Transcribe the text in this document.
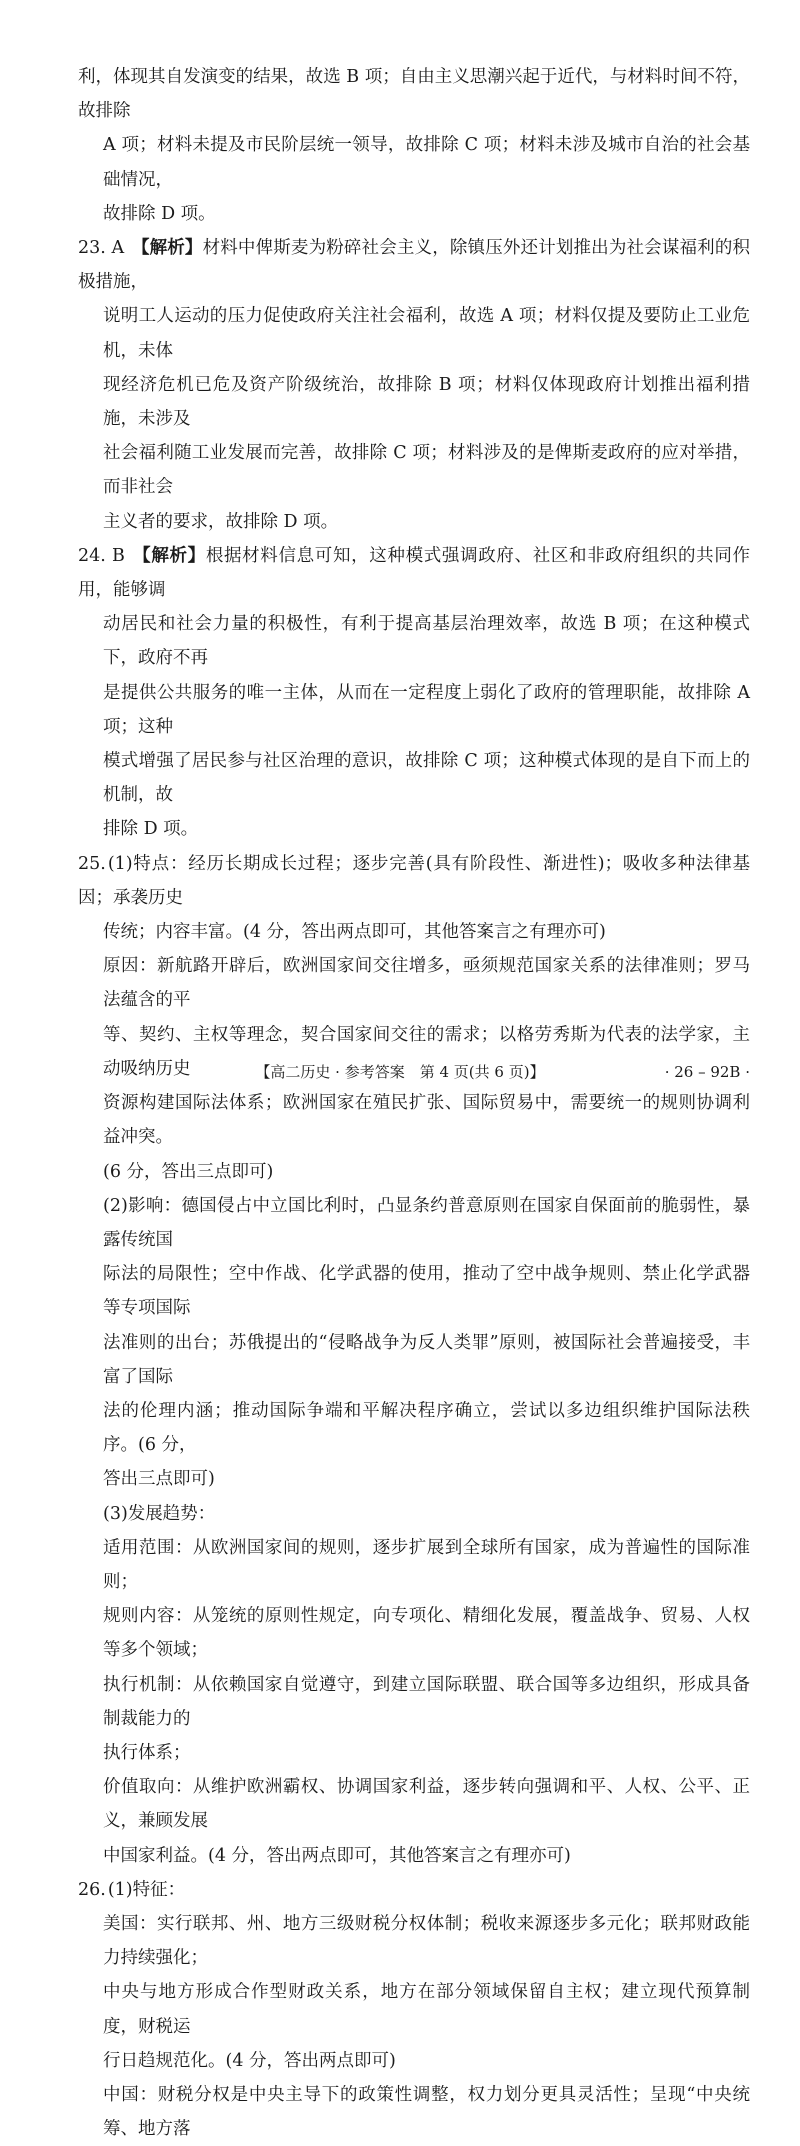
利，体现其自发演变的结果，故选 B 项；自由主义思潮兴起于近代，与材料时间不符，故排除

A 项；材料未提及市民阶层统一领导，故排除 C 项；材料未涉及城市自治的社会基础情况，

故排除 D 项。

23. A 【解析】材料中俾斯麦为粉碎社会主义，除镇压外还计划推出为社会谋福利的积极措施，

说明工人运动的压力促使政府关注社会福利，故选 A 项；材料仅提及要防止工业危机，未体

现经济危机已危及资产阶级统治，故排除 B 项；材料仅体现政府计划推出福利措施，未涉及

社会福利随工业发展而完善，故排除 C 项；材料涉及的是俾斯麦政府的应对举措，而非社会

主义者的要求，故排除 D 项。

24. B 【解析】根据材料信息可知，这种模式强调政府、社区和非政府组织的共同作用，能够调

动居民和社会力量的积极性，有利于提高基层治理效率，故选 B 项；在这种模式下，政府不再

是提供公共服务的唯一主体，从而在一定程度上弱化了政府的管理职能，故排除 A 项；这种

模式增强了居民参与社区治理的意识，故排除 C 项；这种模式体现的是自下而上的机制，故

排除 D 项。

25. (1)特点：经历长期成长过程；逐步完善(具有阶段性、渐进性)；吸收多种法律基因；承袭历史

传统；内容丰富。(4 分，答出两点即可，其他答案言之有理亦可)

原因：新航路开辟后，欧洲国家间交往增多，亟须规范国家关系的法律准则；罗马法蕴含的平

等、契约、主权等理念，契合国家间交往的需求；以格劳秀斯为代表的法学家，主动吸纳历史

资源构建国际法体系；欧洲国家在殖民扩张、国际贸易中，需要统一的规则协调利益冲突。

(6 分，答出三点即可)

(2)影响：德国侵占中立国比利时，凸显条约普意原则在国家自保面前的脆弱性，暴露传统国

际法的局限性；空中作战、化学武器的使用，推动了空中战争规则、禁止化学武器等专项国际

法准则的出台；苏俄提出的“侵略战争为反人类罪”原则，被国际社会普遍接受，丰富了国际

法的伦理内涵；推动国际争端和平解决程序确立，尝试以多边组织维护国际法秩序。(6 分，

答出三点即可)

(3)发展趋势：

适用范围：从欧洲国家间的规则，逐步扩展到全球所有国家，成为普遍性的国际准则；

规则内容：从笼统的原则性规定，向专项化、精细化发展，覆盖战争、贸易、人权等多个领域；

执行机制：从依赖国家自觉遵守，到建立国际联盟、联合国等多边组织，形成具备制裁能力的

执行体系；

价值取向：从维护欧洲霸权、协调国家利益，逐步转向强调和平、人权、公平、正义，兼顾发展

中国家利益。(4 分，答出两点即可，其他答案言之有理亦可)

26. (1)特征：

美国：实行联邦、州、地方三级财税分权体制；税收来源逐步多元化；联邦财政能力持续强化；

中央与地方形成合作型财政关系，地方在部分领域保留自主权；建立现代预算制度，财税运

行日趋规范化。(4 分，答出两点即可)

中国：财税分权是中央主导下的政策性调整，权力划分更具灵活性；呈现“中央统筹、地方落

【高二历史 · 参考答案　第 4 页(共 6 页)】	· 26 – 92B ·
